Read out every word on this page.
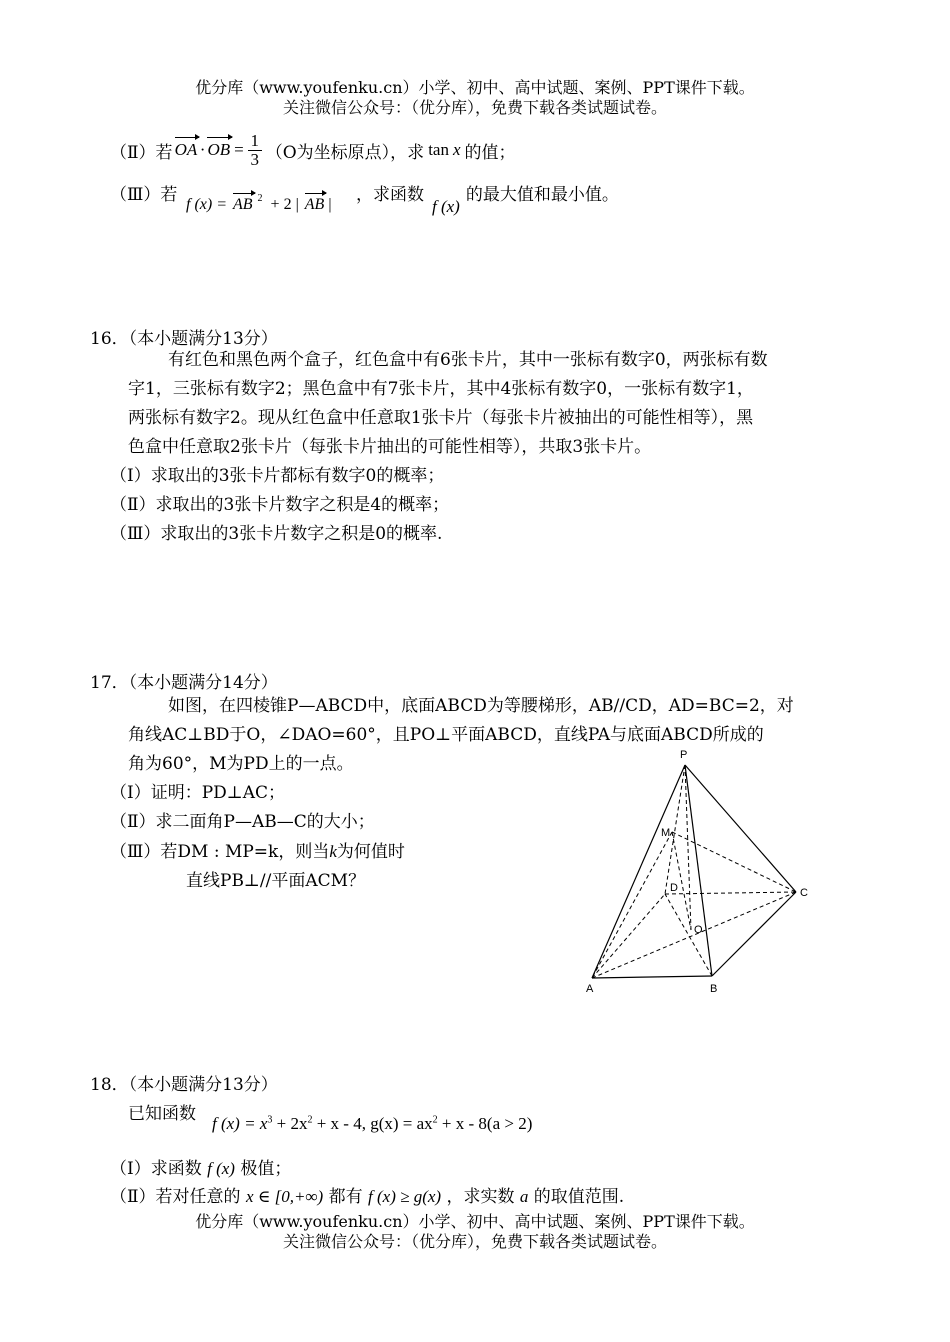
优分库（www.youfenku.cn）小学、初中、高中试题、案例、PPT课件下载。
关注微信公众号：（优分库），免费下载各类试题试卷。
（Ⅱ）若 OA · OB = $\frac{1}{3} (O$为坐标原点），求 tan x 的值；
（Ⅲ）若 f (x) = AB $^2$ + 2 | AB | ，求函数
f (x)
的最大值和最小值。
16．（本小题满分13分）
有红色和黑色两个盒子，红色盒中有6张卡片，其中一张标有数字0，两张标有数
字1，三张标有数字2；黑色盒中有7张卡片，其中4张标有数字0，一张标有数字1，
两张标有数字2。现从红色盒中任意取1张卡片（每张卡片被抽出的可能性相等），黑
色盒中任意取2张卡片（每张卡片抽出的可能性相等），共取3张卡片。
（Ⅰ）求取出的3张卡片都标有数字0的概率；
（Ⅱ）求取出的3张卡片数字之积是4的概率；
（Ⅲ）求取出的3张卡片数字之积是0的概率.
17．（本小题满分14分）
如图，在四棱锥P—ABCD中，底面ABCD为等腰梯形，AB//CD，AD=BC=2，对
角线AC⊥BD于O，∠DAO=60°，且PO⊥平面ABCD，直线PA与底面ABCD所成的
角为60°，M为PD上的一点。
（Ⅰ）证明：PD⊥AC；
（Ⅱ）求二面角P—AB—C的大小；
（Ⅲ）若DM : MP=k，则当k为何值时
直线PB⊥//平面ACM？
P
M
D	C
O
A	B
18．（本小题满分13分）
已知函数 f $(x) = x^3 + 2x^2 + x - 4$, $g(x) = ax^2 + x - 8(a > 2)$
（Ⅰ）求函数 f (x) 极值；
（Ⅱ）若对任意的 x ∈ [0,+∞) 都有 f (x) ≥ g(x) ，求实数 a 的取值范围.
优分库（www.youfenku.cn）小学、初中、高中试题、案例、PPT课件下载。
关注微信公众号：（优分库），免费下载各类试题试卷。
